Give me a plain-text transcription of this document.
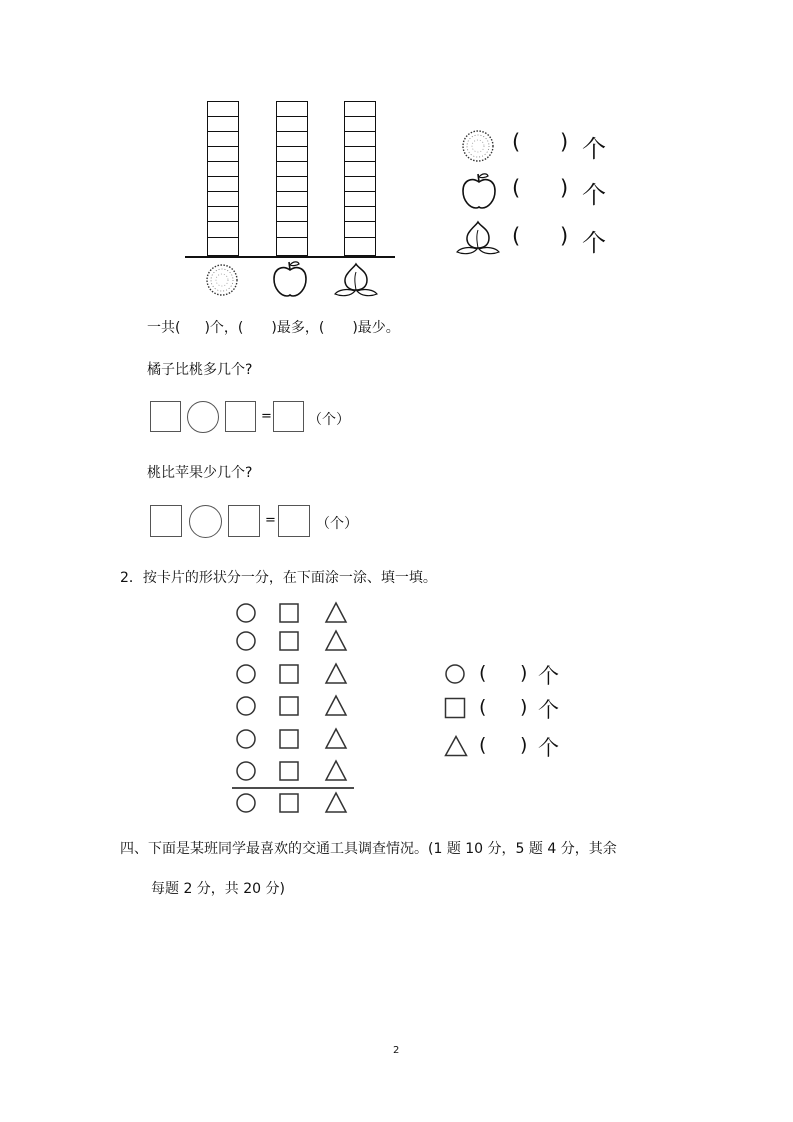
( ) 个
( ) 个
( ) 个
一共( )个，( )最多，( )最少。
橘子比桃多几个?
=	（个）
桃比苹果少几个?
=	（个）
2．按卡片的形状分一分，在下面涂一涂、填一填。
( ) 个
( ) 个
( ) 个
四、下面是某班同学最喜欢的交通工具调查情况。(1 题 10 分，5 题 4 分，其余
每题 2 分，共 20 分)
2
